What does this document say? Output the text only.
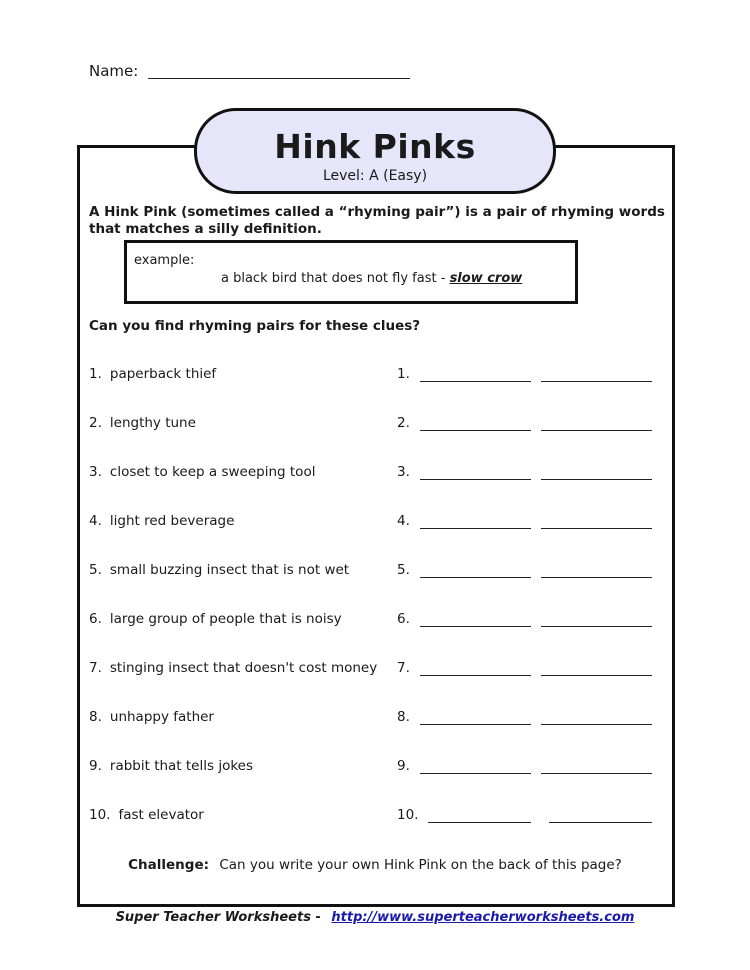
Name:
Hink Pinks
Level: A (Easy)
A Hink Pink (sometimes called a “rhyming pair”) is a pair of rhyming words that matches a silly definition.
example:
a black bird that does not fly fast - slow crow
Can you find rhyming pairs for these clues?
1. paperback thief	1.
2. lengthy tune	2.
3. closet to keep a sweeping tool	3.
4. light red beverage	4.
5. small buzzing insect that is not wet	5.
6. large group of people that is noisy	6.
7. stinging insect that doesn't cost money 7.
8. unhappy father	8.
9. rabbit that tells jokes	9.
10. fast elevator	10.
Challenge: Can you write your own Hink Pink on the back of this page?
Super Teacher Worksheets - http://www.superteacherworksheets.com
